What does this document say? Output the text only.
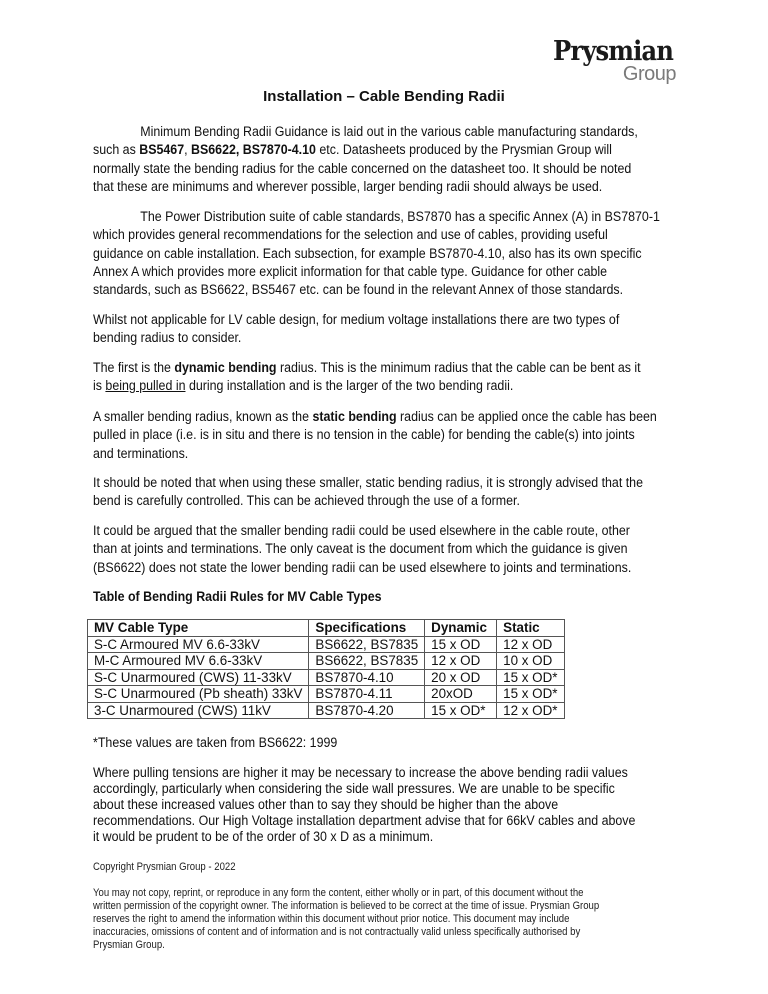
Prysmian
Group
Installation – Cable Bending Radii
Minimum Bending Radii Guidance is laid out in the various cable manufacturing standards,
such as BS5467, BS6622, BS7870-4.10 etc. Datasheets produced by the Prysmian Group will
normally state the bending radius for the cable concerned on the datasheet too. It should be noted
that these are minimums and wherever possible, larger bending radii should always be used.
The Power Distribution suite of cable standards, BS7870 has a specific Annex (A) in BS7870-1
which provides general recommendations for the selection and use of cables, providing useful
guidance on cable installation. Each subsection, for example BS7870-4.10, also has its own specific
Annex A which provides more explicit information for that cable type. Guidance for other cable
standards, such as BS6622, BS5467 etc. can be found in the relevant Annex of those standards.
Whilst not applicable for LV cable design, for medium voltage installations there are two types of
bending radius to consider.
The first is the dynamic bending radius. This is the minimum radius that the cable can be bent as it
is being pulled in during installation and is the larger of the two bending radii.
A smaller bending radius, known as the static bending radius can be applied once the cable has been
pulled in place (i.e. is in situ and there is no tension in the cable) for bending the cable(s) into joints
and terminations.
It should be noted that when using these smaller, static bending radius, it is strongly advised that the
bend is carefully controlled. This can be achieved through the use of a former.
It could be argued that the smaller bending radii could be used elsewhere in the cable route, other
than at joints and terminations. The only caveat is the document from which the guidance is given
(BS6622) does not state the lower bending radii can be used elsewhere to joints and terminations.
Table of Bending Radii Rules for MV Cable Types
MV Cable Type	Specifications	Dynamic	Static
S-C Armoured MV 6.6-33kV	BS6622, BS7835	15 x OD	12 x OD
M-C Armoured MV 6.6-33kV	BS6622, BS7835	12 x OD	10 x OD
S-C Unarmoured (CWS) 11-33kV	BS7870-4.10	20 x OD	15 x OD*
S-C Unarmoured (Pb sheath) 33kV	BS7870-4.11	20xOD	15 x OD*
3-C Unarmoured (CWS) 11kV	BS7870-4.20	15 x OD*	12 x OD*
*These values are taken from BS6622: 1999
Where pulling tensions are higher it may be necessary to increase the above bending radii values
accordingly, particularly when considering the side wall pressures. We are unable to be specific
about these increased values other than to say they should be higher than the above
recommendations. Our High Voltage installation department advise that for 66kV cables and above
it would be prudent to be of the order of 30 x D as a minimum.
Copyright Prysmian Group - 2022
You may not copy, reprint, or reproduce in any form the content, either wholly or in part, of this document without the
written permission of the copyright owner. The information is believed to be correct at the time of issue. Prysmian Group
reserves the right to amend the information within this document without prior notice. This document may include
inaccuracies, omissions of content and of information and is not contractually valid unless specifically authorised by
Prysmian Group.
